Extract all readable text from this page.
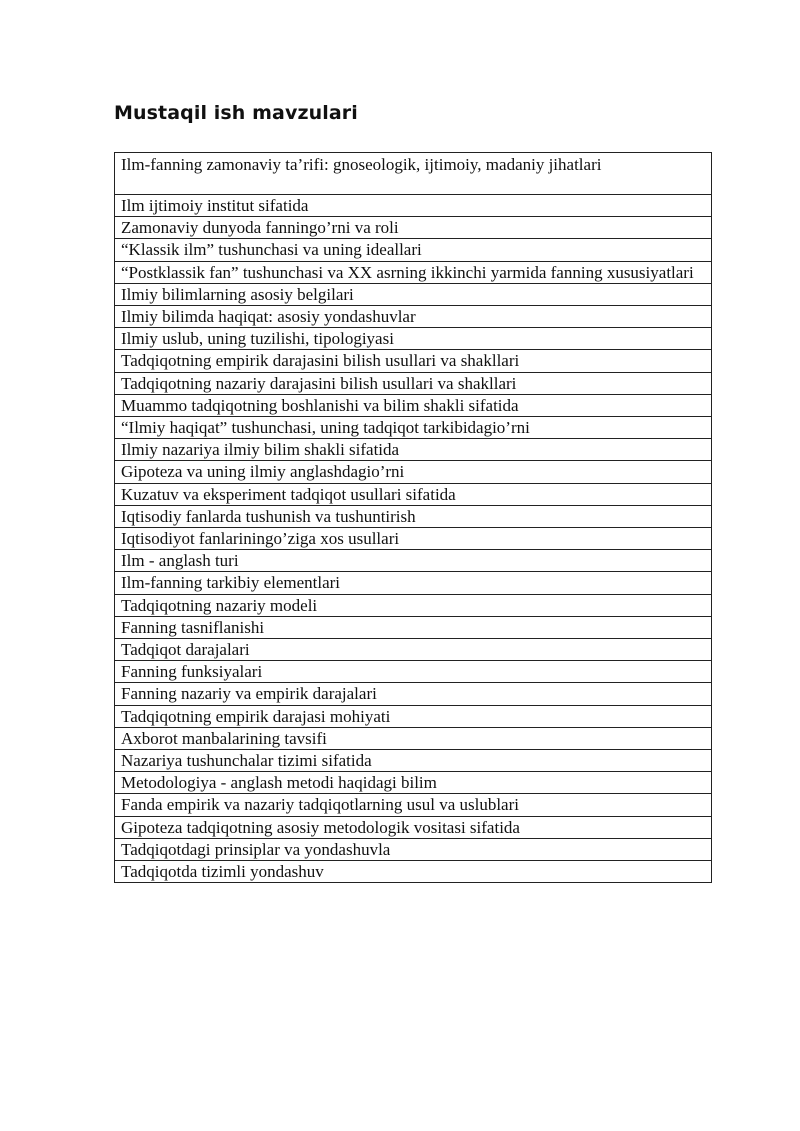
Mustaqil ish mavzulari
Ilm-fanning zamonaviy ta’rifi: gnoseologik, ijtimoiy, madaniy jihatlari
Ilm ijtimoiy institut sifatida
Zamonaviy dunyoda fanningo’rni va roli
“Klassik ilm” tushunchasi va uning ideallari
“Postklassik fan” tushunchasi va XX asrning ikkinchi yarmida fanning xususiyatlari
Ilmiy bilimlarning asosiy belgilari
Ilmiy bilimda haqiqat: asosiy yondashuvlar
Ilmiy uslub, uning tuzilishi, tipologiyasi
Tadqiqotning empirik darajasini bilish usullari va shakllari
Tadqiqotning nazariy darajasini bilish usullari va shakllari
Muammo tadqiqotning boshlanishi va bilim shakli sifatida
“Ilmiy haqiqat” tushunchasi, uning tadqiqot tarkibidagio’rni
Ilmiy nazariya ilmiy bilim shakli sifatida
Gipoteza va uning ilmiy anglashdagio’rni
Kuzatuv va eksperiment tadqiqot usullari sifatida
Iqtisodiy fanlarda tushunish va tushuntirish
Iqtisodiyot fanlariningo’ziga xos usullari
Ilm - anglash turi
Ilm-fanning tarkibiy elementlari
Tadqiqotning nazariy modeli
Fanning tasniflanishi
Tadqiqot darajalari
Fanning funksiyalari
Fanning nazariy va empirik darajalari
Tadqiqotning empirik darajasi mohiyati
Axborot manbalarining tavsifi
Nazariya tushunchalar tizimi sifatida
Metodologiya - anglash metodi haqidagi bilim
Fanda empirik va nazariy tadqiqotlarning usul va uslublari
Gipoteza tadqiqotning asosiy metodologik vositasi sifatida
Tadqiqotdagi prinsiplar va yondashuvla
Tadqiqotda tizimli yondashuv
